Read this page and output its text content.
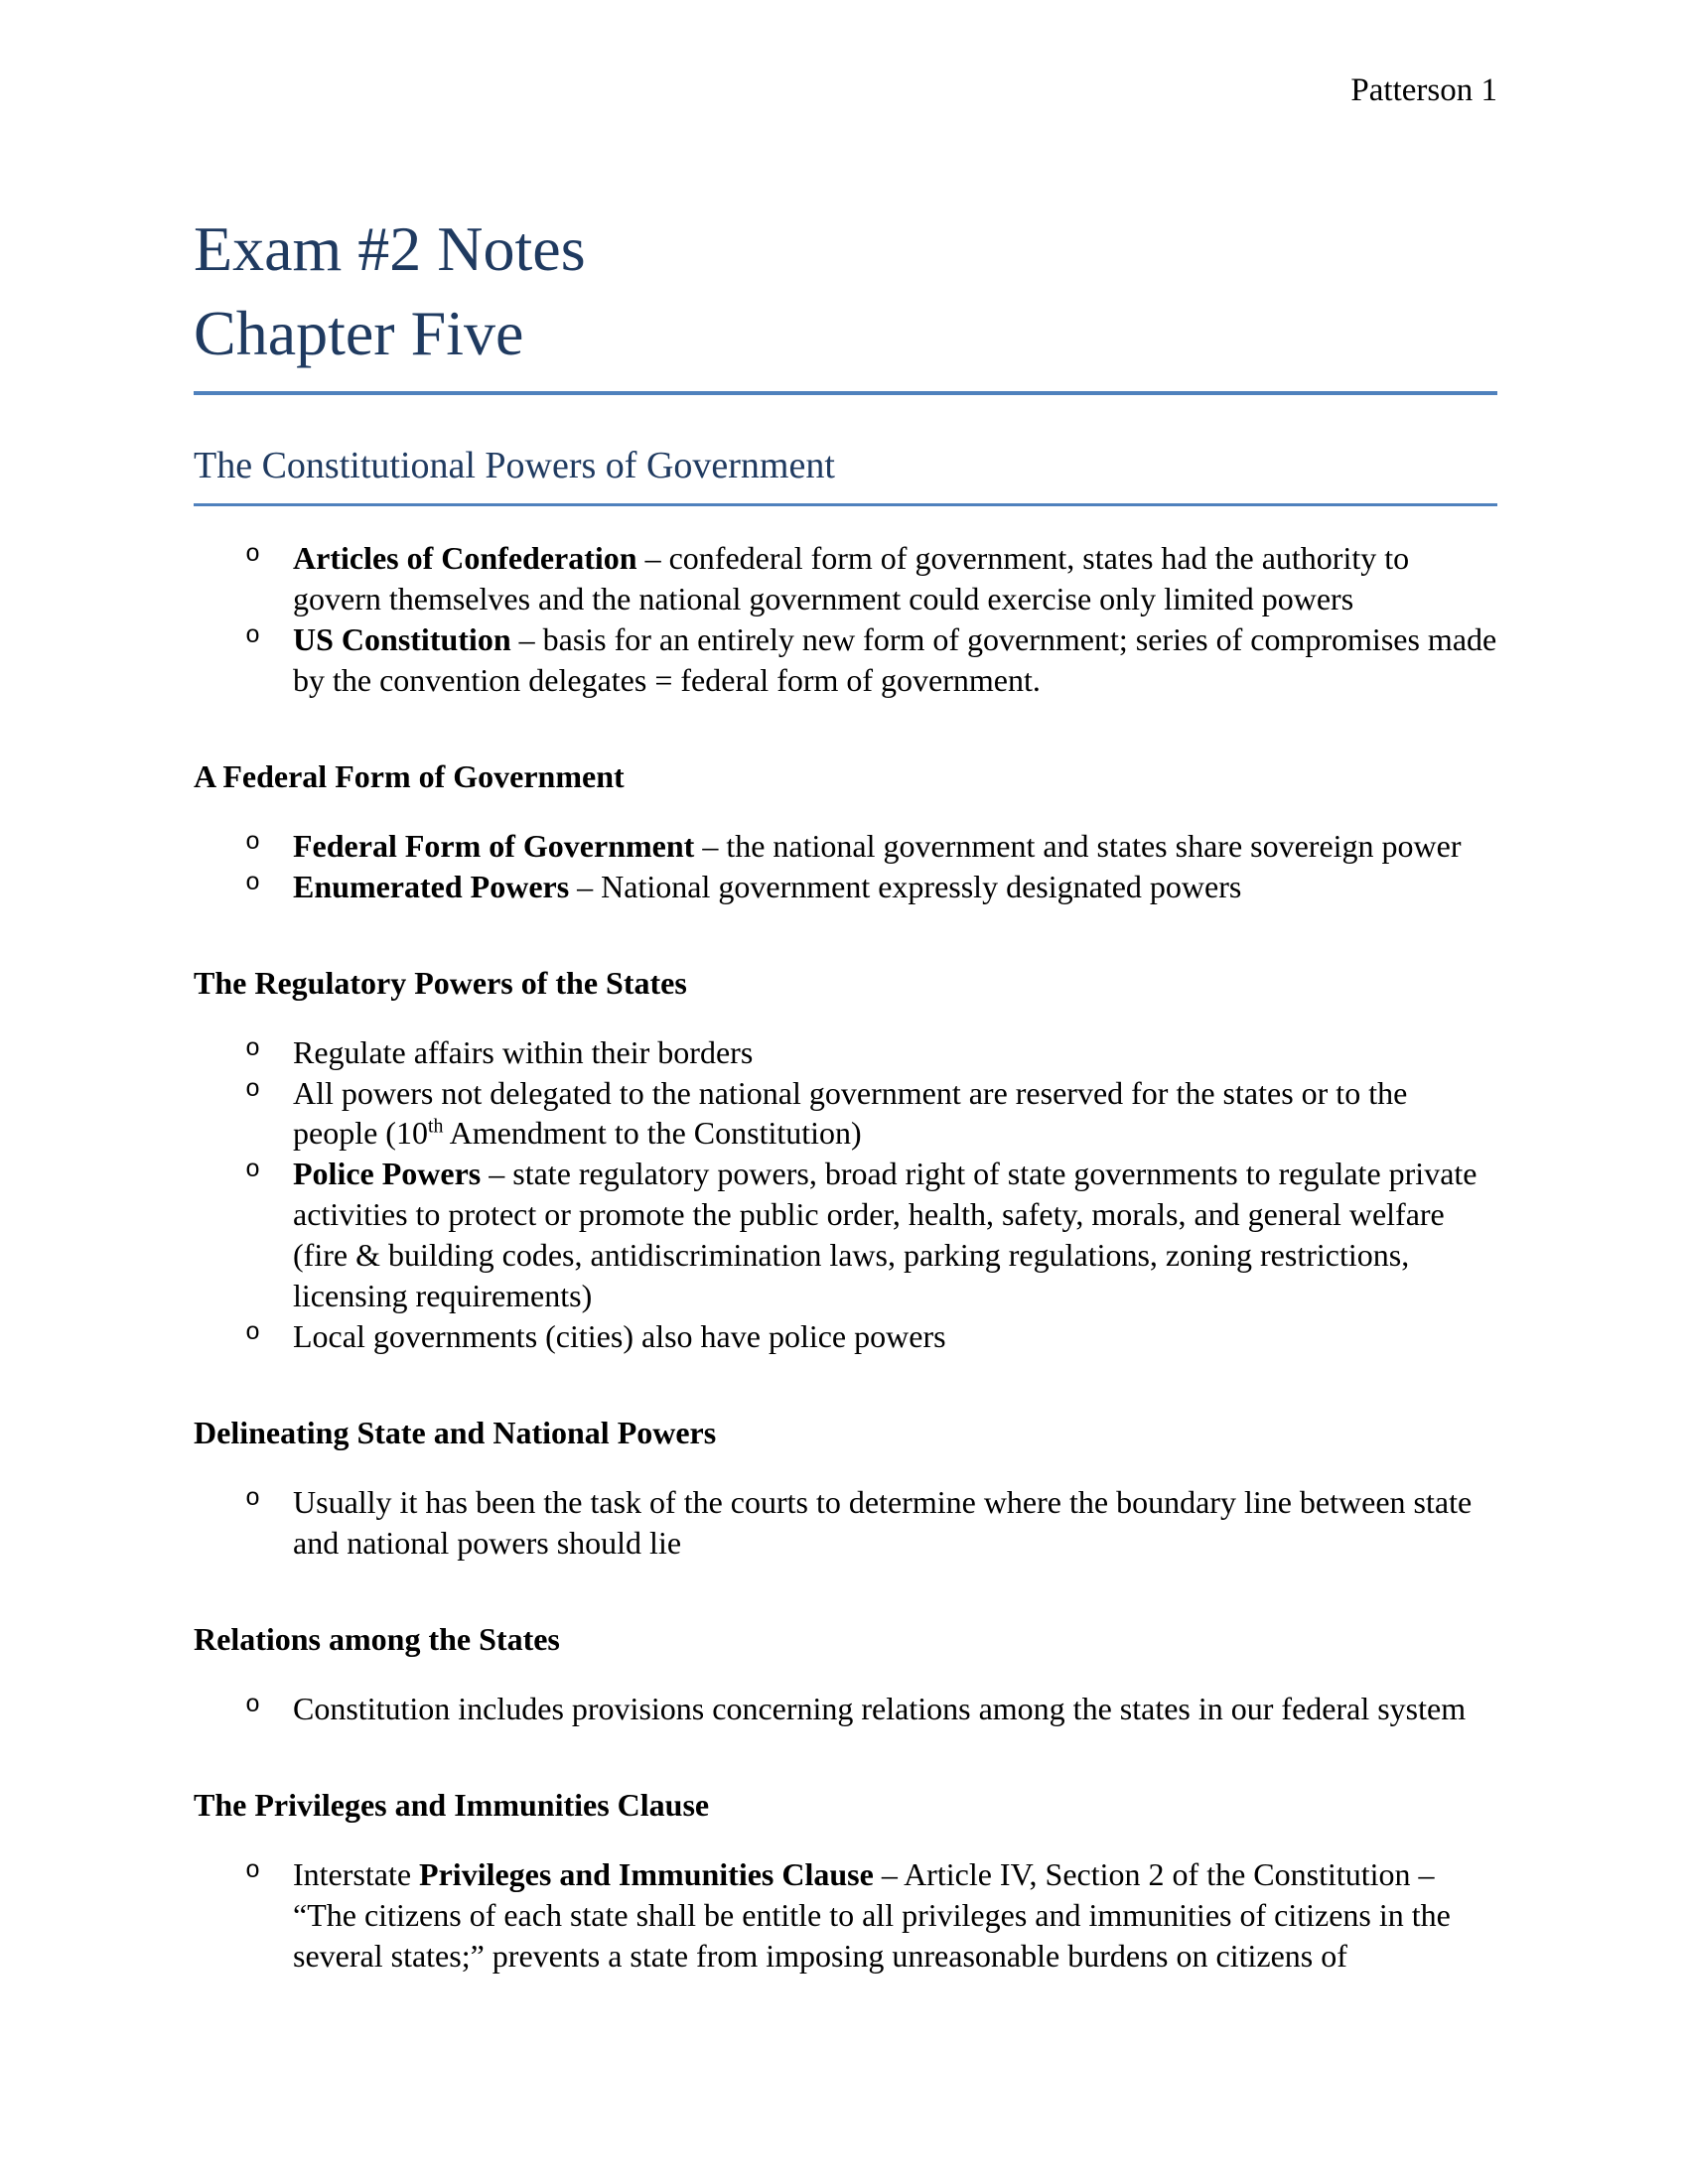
Patterson 1
Exam #2 Notes
Chapter Five
The Constitutional Powers of Government
o Articles of Confederation – confederal form of government, states had the authority to govern themselves and the national government could exercise only limited powers
o US Constitution – basis for an entirely new form of government; series of compromises made by the convention delegates = federal form of government.
A Federal Form of Government
o Federal Form of Government – the national government and states share sovereign power
o Enumerated Powers – National government expressly designated powers
The Regulatory Powers of the States
o Regulate affairs within their borders
o All powers not delegated to the national government are reserved for the states or to the people (10th Amendment to the Constitution)
o Police Powers – state regulatory powers, broad right of state governments to regulate private activities to protect or promote the public order, health, safety, morals, and general welfare (fire & building codes, antidiscrimination laws, parking regulations, zoning restrictions, licensing requirements)
o Local governments (cities) also have police powers
Delineating State and National Powers
o Usually it has been the task of the courts to determine where the boundary line between state and national powers should lie
Relations among the States
o Constitution includes provisions concerning relations among the states in our federal system
The Privileges and Immunities Clause
o Interstate Privileges and Immunities Clause – Article IV, Section 2 of the Constitution – “The citizens of each state shall be entitle to all privileges and immunities of citizens in the several states;” prevents a state from imposing unreasonable burdens on citizens of
